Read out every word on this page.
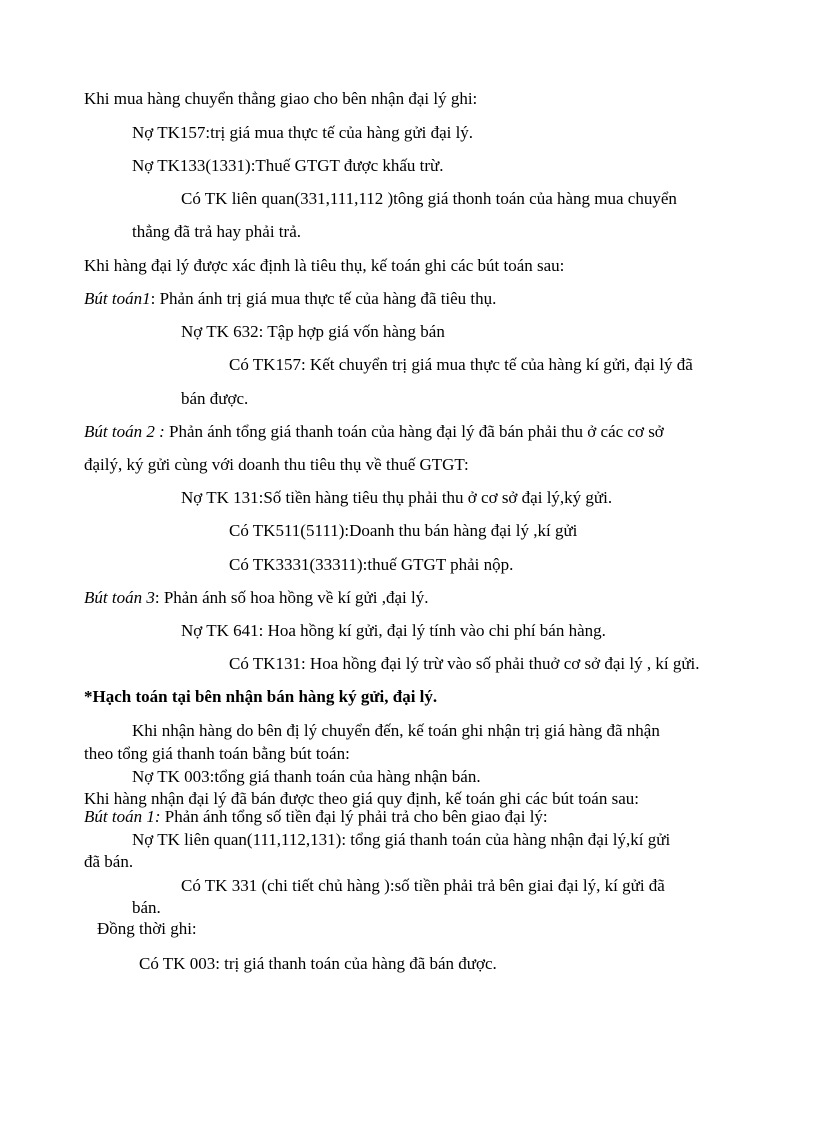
Khi mua hàng chuyển thẳng giao cho bên nhận đại lý ghi:
Nợ TK157:trị giá mua thực tế của hàng gửi đại lý.
Nợ TK133(1331):Thuế GTGT được khấu trừ.
Có TK liên quan(331,111,112 )tông giá thonh toán của hàng mua chuyển
thẳng đã trả hay phải trả.
Khi hàng đại lý được xác định là tiêu thụ, kế toán ghi các bút toán sau:
Bút toán1: Phản ánh trị giá mua thực tế của hàng đã tiêu thụ.
Nợ TK 632: Tập hợp giá vốn hàng bán
Có TK157: Kết chuyển trị giá mua thực tế của hàng kí gửi, đại lý đã
bán được.
Bút toán 2 : Phản ánh tổng giá thanh toán của hàng đại lý đã bán phải thu ở các cơ sở
đạilý, ký gửi cùng với doanh thu tiêu thụ về thuế GTGT:
Nợ TK 131:Số tiền hàng tiêu thụ phải thu ở cơ sở đại lý,ký gửi.
Có TK511(5111):Doanh thu bán hàng đại lý ,kí gửi
Có TK3331(33311):thuế GTGT phải nộp.
Bút toán 3: Phản ánh số hoa hồng về kí gửi ,đại lý.
Nợ TK 641: Hoa hồng kí gửi, đại lý tính vào chi phí bán hàng.
Có TK131: Hoa hồng đại lý trừ vào số phải thuở cơ sở đại lý , kí gửi.
*Hạch toán tại bên nhận bán hàng ký gửi, đại lý.
Khi nhận hàng do bên đị lý chuyển đến, kế toán ghi nhận trị giá hàng đã nhận
theo tổng giá thanh toán bằng bút toán:
Nợ TK 003:tổng giá thanh toán của hàng nhận bán.
Khi hàng nhận đại lý đã bán được theo giá quy định, kế toán ghi các bút toán sau:
Bút toán 1: Phản ánh tổng số tiền đại lý phải trả cho bên giao đại lý:
Nợ TK liên quan(111,112,131): tổng giá thanh toán của hàng nhận đại lý,kí gửi
đã bán.
Có TK 331 (chi tiết chủ hàng ):số tiền phải trả bên giai đại lý, kí gửi đã
bán.
Đồng thời ghi:
Có TK 003: trị giá thanh toán của hàng đã bán được.
